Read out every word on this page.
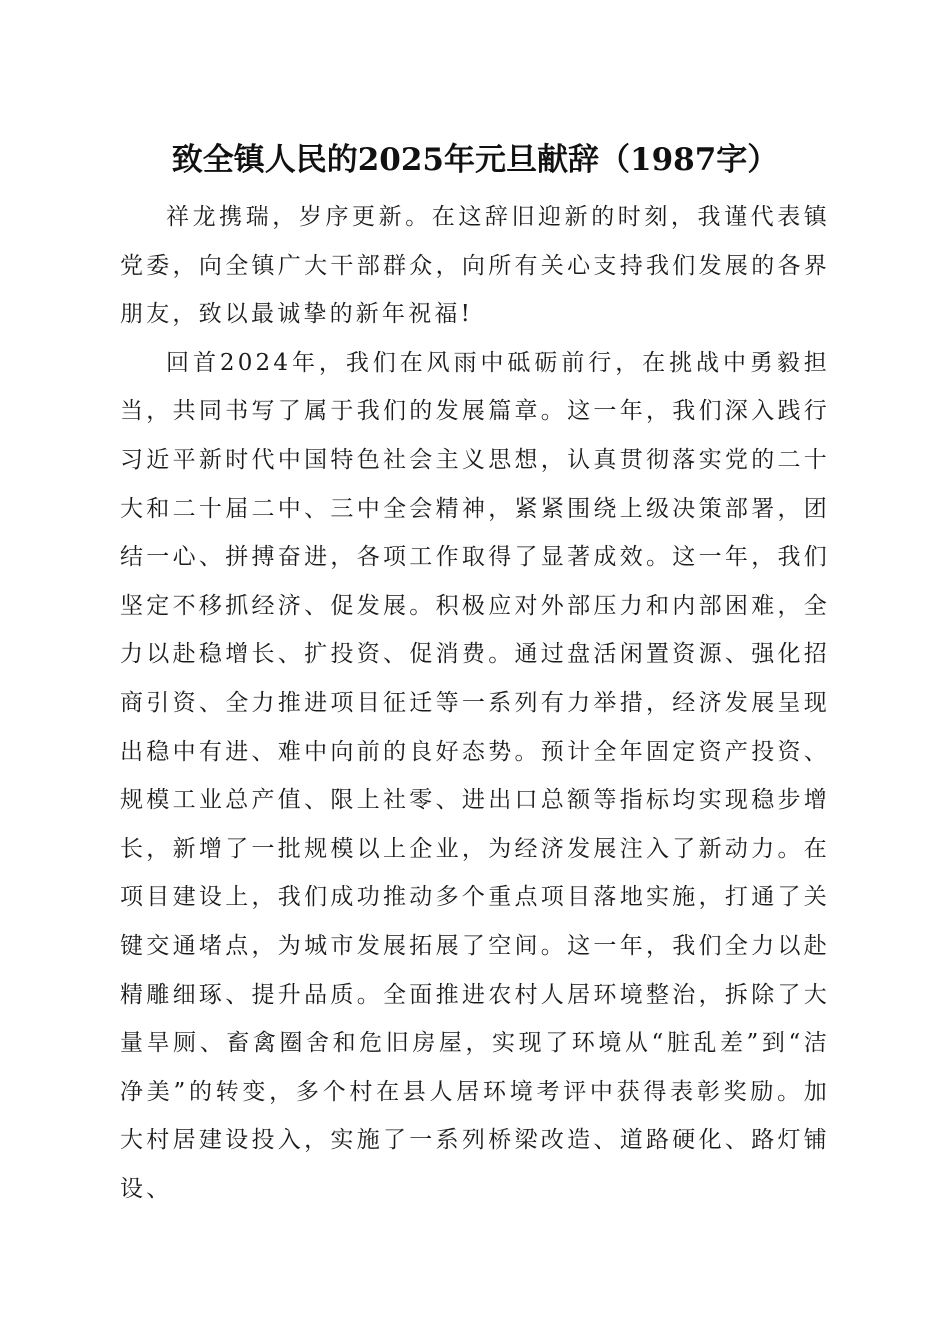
致全镇人民的2025年元旦献辞（1987字）

祥龙携瑞，岁序更新。在这辞旧迎新的时刻，我谨代表镇党委，向全镇广大干部群众，向所有关心支持我们发展的各界朋友，致以最诚挚的新年祝福!

回首2024年，我们在风雨中砥砺前行，在挑战中勇毅担当，共同书写了属于我们的发展篇章。这一年，我们深入践行习近平新时代中国特色社会主义思想，认真贯彻落实党的二十大和二十届二中、三中全会精神，紧紧围绕上级决策部署，团结一心、拼搏奋进，各项工作取得了显著成效。这一年，我们坚定不移抓经济、促发展。积极应对外部压力和内部困难，全力以赴稳增长、扩投资、促消费。通过盘活闲置资源、强化招商引资、全力推进项目征迁等一系列有力举措，经济发展呈现出稳中有进、难中向前的良好态势。预计全年固定资产投资、规模工业总产值、限上社零、进出口总额等指标均实现稳步增长，新增了一批规模以上企业，为经济发展注入了新动力。在项目建设上，我们成功推动多个重点项目落地实施，打通了关键交通堵点，为城市发展拓展了空间。这一年，我们全力以赴精雕细琢、提升品质。全面推进农村人居环境整治，拆除了大量旱厕、畜禽圈舍和危旧房屋，实现了环境从“脏乱差”到“洁净美”的转变，多个村在县人居环境考评中获得表彰奖励。加大村居建设投入，实施了一系列桥梁改造、道路硬化、路灯铺设、
